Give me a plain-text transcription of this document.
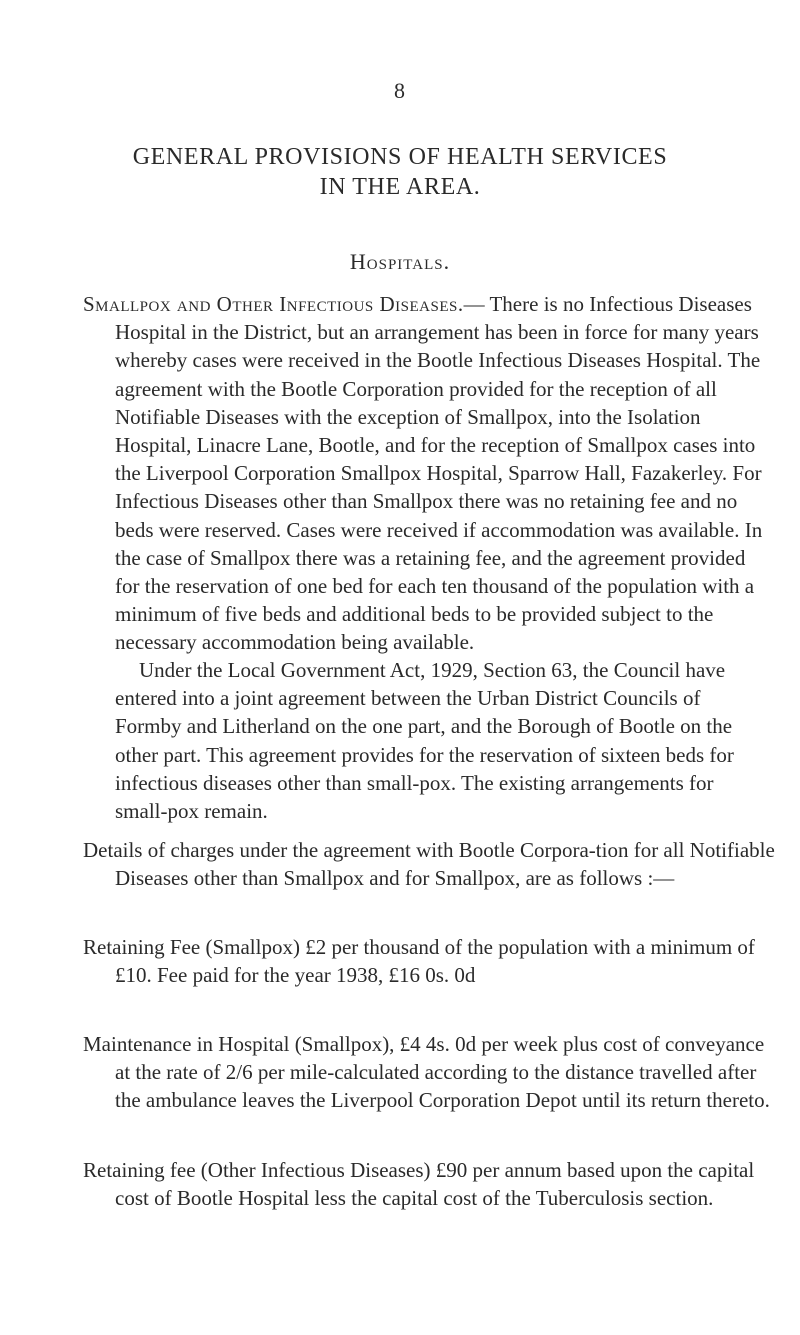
8
GENERAL PROVISIONS OF HEALTH SERVICES
IN THE AREA.
Hospitals.

Smallpox and Other Infectious Diseases.— There is no Infectious Diseases Hospital in the District, but an arrangement has been in force for many years whereby cases were received in the Bootle Infectious Diseases Hospital. The agreement with the Bootle Corporation provided for the reception of all Notifiable Diseases with the exception of Smallpox, into the Isolation Hospital, Linacre Lane, Bootle, and for the reception of Smallpox cases into the Liverpool Corporation Smallpox Hospital, Sparrow Hall, Fazakerley. For Infectious Diseases other than Smallpox there was no retaining fee and no beds were reserved. Cases were received if accommodation was available. In the case of Smallpox there was a retaining fee, and the agreement provided for the reservation of one bed for each ten thousand of the population with a minimum of five beds and additional beds to be provided subject to the necessary accommodation being available.

Under the Local Government Act, 1929, Section 63, the Council have entered into a joint agreement between the Urban District Councils of Formby and Litherland on the one part, and the Borough of Bootle on the other part. This agreement provides for the reservation of sixteen beds for infectious diseases other than small-pox. The existing arrangements for small-pox remain.

Details of charges under the agreement with Bootle Corpora-tion for all Notifiable Diseases other than Smallpox and for Smallpox, are as follows :—

Retaining Fee (Smallpox) £2 per thousand of the population with a minimum of £10. Fee paid for the year 1938, £16 0s. 0d

Maintenance in Hospital (Smallpox), £4 4s. 0d per week plus cost of conveyance at the rate of 2/6 per mile-calculated according to the distance travelled after the ambulance leaves the Liverpool Corporation Depot until its return thereto.

Retaining fee (Other Infectious Diseases) £90 per annum based upon the capital cost of Bootle Hospital less the capital cost of the Tuberculosis section.
